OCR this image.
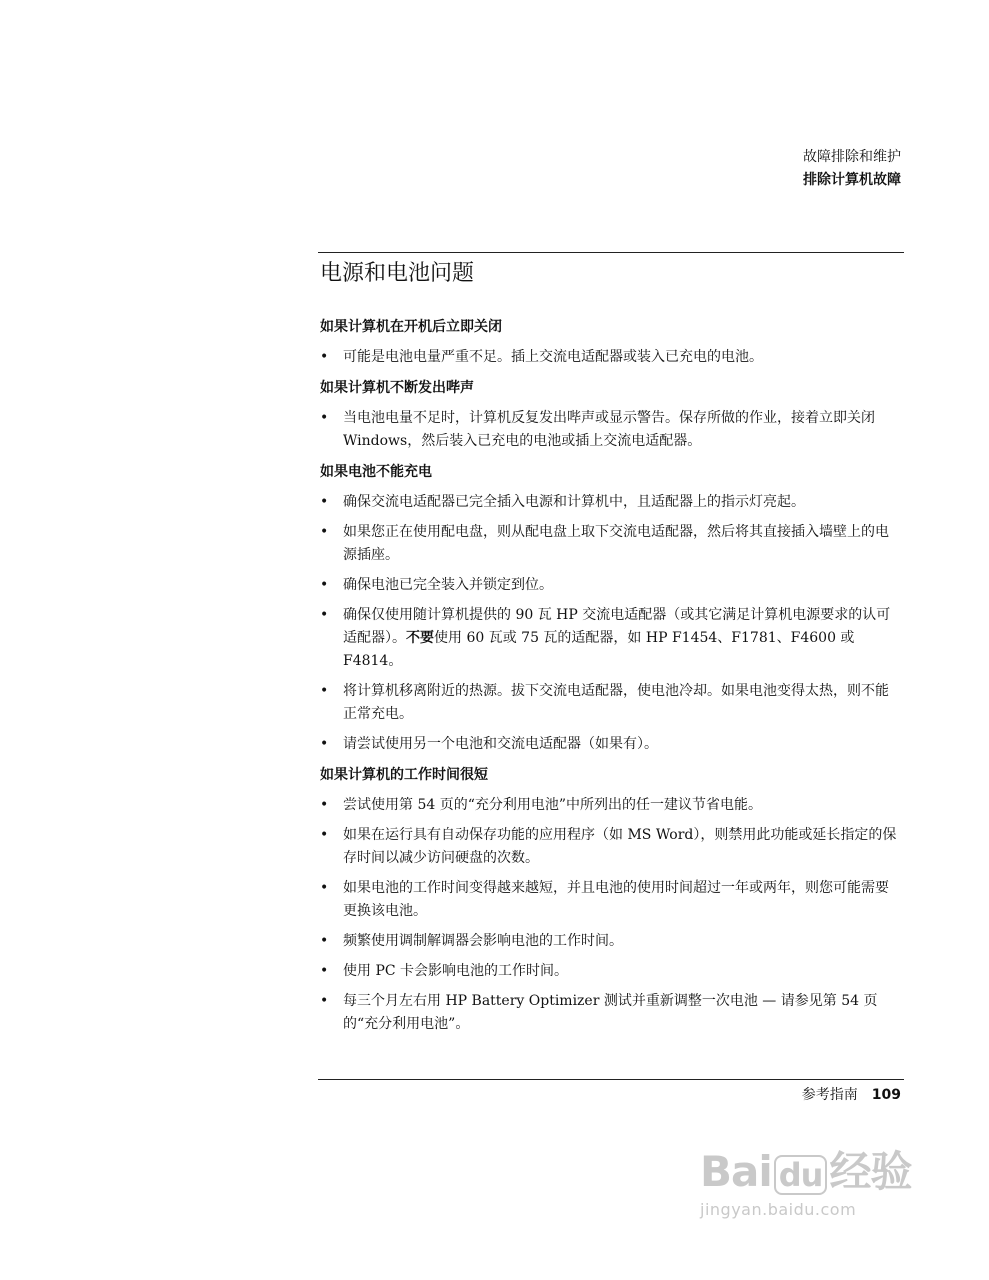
故障排除和维护
排除计算机故障
电源和电池问题
如果计算机在开机后立即关闭
• 可能是电池电量严重不足。插上交流电适配器或装入已充电的电池。
如果计算机不断发出哔声
• 当电池电量不足时，计算机反复发出哔声或显示警告。保存所做的作业，接着立即关闭 Windows，然后装入已充电的电池或插上交流电适配器。
如果电池不能充电
• 确保交流电适配器已完全插入电源和计算机中，且适配器上的指示灯亮起。
• 如果您正在使用配电盘，则从配电盘上取下交流电适配器，然后将其直接插入墙壁上的电源插座。
• 确保电池已完全装入并锁定到位。
• 确保仅使用随计算机提供的 90 瓦 HP 交流电适配器（或其它满足计算机电源要求的认可适配器）。不要使用 60 瓦或 75 瓦的适配器，如 HP F1454、F1781、F4600 或 F4814。
• 将计算机移离附近的热源。拔下交流电适配器，使电池冷却。如果电池变得太热，则不能正常充电。
• 请尝试使用另一个电池和交流电适配器（如果有）。
如果计算机的工作时间很短
• 尝试使用第 54 页的“充分利用电池”中所列出的任一建议节省电能。
• 如果在运行具有自动保存功能的应用程序（如 MS Word），则禁用此功能或延长指定的保存时间以减少访问硬盘的次数。
• 如果电池的工作时间变得越来越短，并且电池的使用时间超过一年或两年，则您可能需要更换该电池。
• 频繁使用调制解调器会影响电池的工作时间。
• 使用 PC 卡会影响电池的工作时间。
• 每三个月左右用 HP Battery Optimizer 测试并重新调整一次电池 — 请参见第 54 页的“充分利用电池”。
参考指南 109
Bai du 经验
jingyan.baidu.com
